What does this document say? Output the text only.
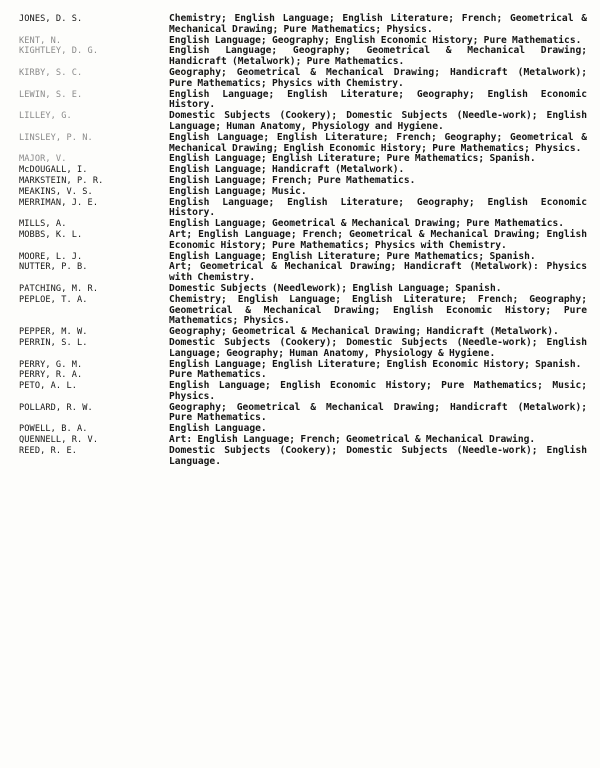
JONES, D. S.	Chemistry; English Language; English Literature; French; Geometrical & Mechanical Drawing; Pure Mathematics; Physics.
KENT, N.	English Language; Geography; English Economic History; Pure Mathematics.
KIGHTLEY, D. G.	English Language; Geography; Geometrical & Mechanical Drawing; Handicraft (Metalwork); Pure Mathematics.
KIRBY, S. C.	Geography; Geometrical & Mechanical Drawing; Handicraft (Metalwork); Pure Mathematics; Physics with Chemistry.
LEWIN, S. E.	English Language; English Literature; Geography; English Economic History.
LILLEY, G.	Domestic Subjects (Cookery); Domestic Subjects (Needle-work); English Language; Human Anatomy, Physiology and Hygiene.
LINSLEY, P. N.	English Language; English Literature; French; Geography; Geometrical & Mechanical Drawing; English Economic History; Pure Mathematics; Physics.
MAJOR, V.	English Language; English Literature; Pure Mathematics; Spanish.
McDOUGALL, I.	English Language; Handicraft (Metalwork).
MARKSTEIN, P. R.	English Language; French; Pure Mathematics.
MEAKINS, V. S.	English Language; Music.
MERRIMAN, J. E.	English Language; English Literature; Geography; English Economic History.
MILLS, A.	English Language; Geometrical & Mechanical Drawing; Pure Mathematics.
MOBBS, K. L.	Art; English Language; French; Geometrical & Mechanical Drawing; English Economic History; Pure Mathematics; Physics with Chemistry.
MOORE, L. J.	English Language; English Literature; Pure Mathematics; Spanish.
NUTTER, P. B.	Art; Geometrical & Mechanical Drawing; Handicraft (Metalwork): Physics with Chemistry.
PATCHING, M. R.	Domestic Subjects (Needlework); English Language; Spanish.
PEPLOE, T. A.	Chemistry; English Language; English Literature; French; Geography; Geometrical & Mechanical Drawing; English Economic History; Pure Mathematics; Physics.
PEPPER, M. W.	Geography; Geometrical & Mechanical Drawing; Handicraft (Metalwork).
PERRIN, S. L.	Domestic Subjects (Cookery); Domestic Subjects (Needle-work); English Language; Geography; Human Anatomy, Physiology & Hygiene.
PERRY, G. M.	English Language; English Literature; English Economic History; Spanish.
PERRY, R. A.	Pure Mathematics.
PETO, A. L.	English Language; English Economic History; Pure Mathematics; Music; Physics.
POLLARD, R. W.	Geography; Geometrical & Mechanical Drawing; Handicraft (Metalwork); Pure Mathematics.
POWELL, B. A.	English Language.
QUENNELL, R. V.	Art: English Language; French; Geometrical & Mechanical Drawing.
REED, R. E.	Domestic Subjects (Cookery); Domestic Subjects (Needle-work); English Language.
